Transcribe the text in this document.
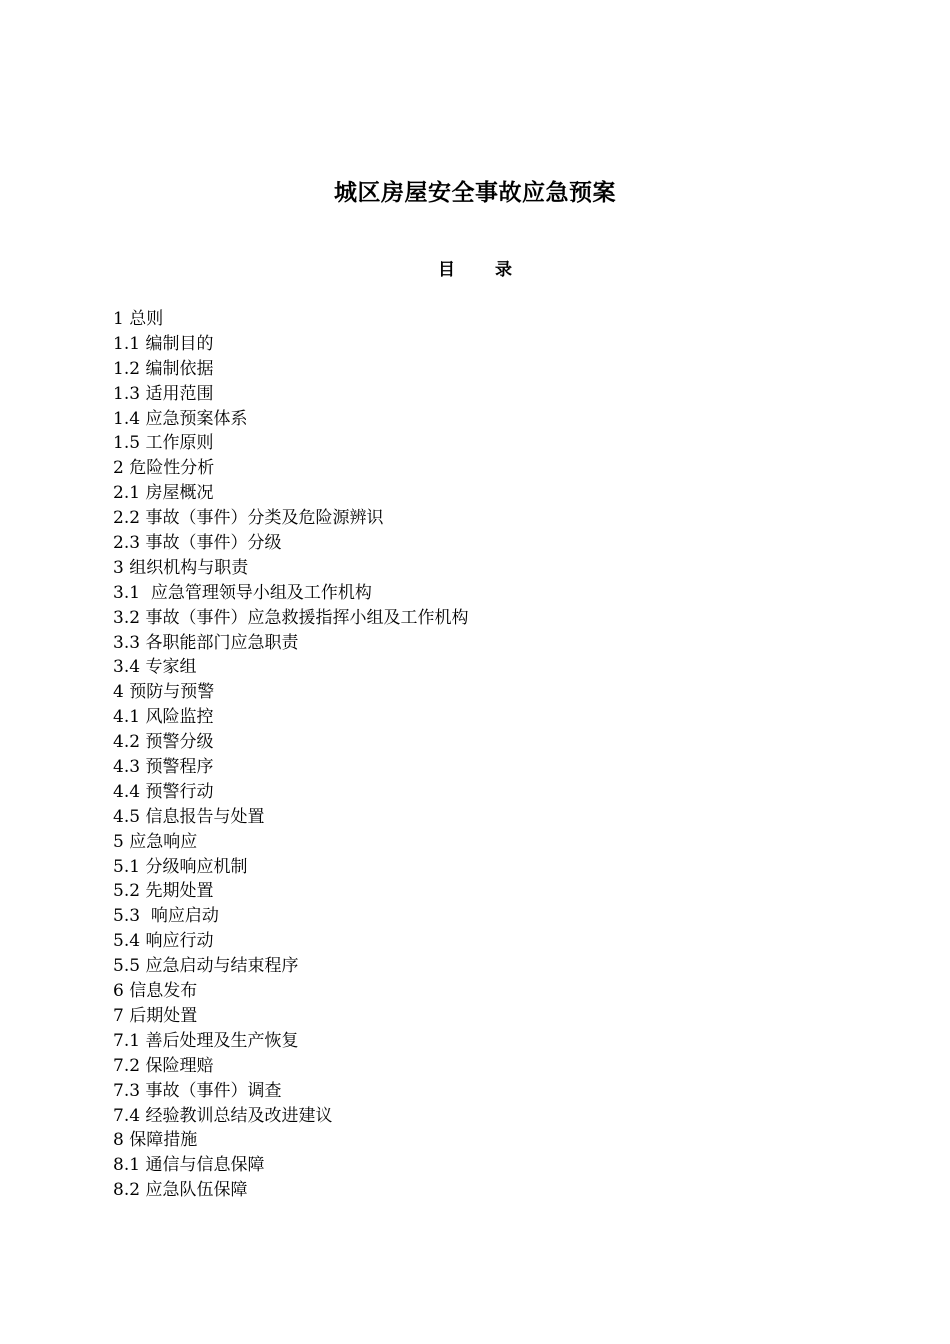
城区房屋安全事故应急预案
目 录
1 总则
1.1 编制目的
1.2 编制依据
1.3 适用范围
1.4 应急预案体系
1.5 工作原则
2 危险性分析
2.1 房屋概况
2.2 事故（事件）分类及危险源辨识
2.3 事故（事件）分级
3 组织机构与职责
3.1  应急管理领导小组及工作机构
3.2 事故（事件）应急救援指挥小组及工作机构
3.3 各职能部门应急职责
3.4 专家组
4 预防与预警
4.1 风险监控
4.2 预警分级
4.3 预警程序
4.4 预警行动
4.5 信息报告与处置
5 应急响应
5.1 分级响应机制
5.2 先期处置
5.3  响应启动
5.4 响应行动
5.5 应急启动与结束程序
6 信息发布
7 后期处置
7.1 善后处理及生产恢复
7.2 保险理赔
7.3 事故（事件）调查
7.4 经验教训总结及改进建议
8 保障措施
8.1 通信与信息保障
8.2 应急队伍保障
